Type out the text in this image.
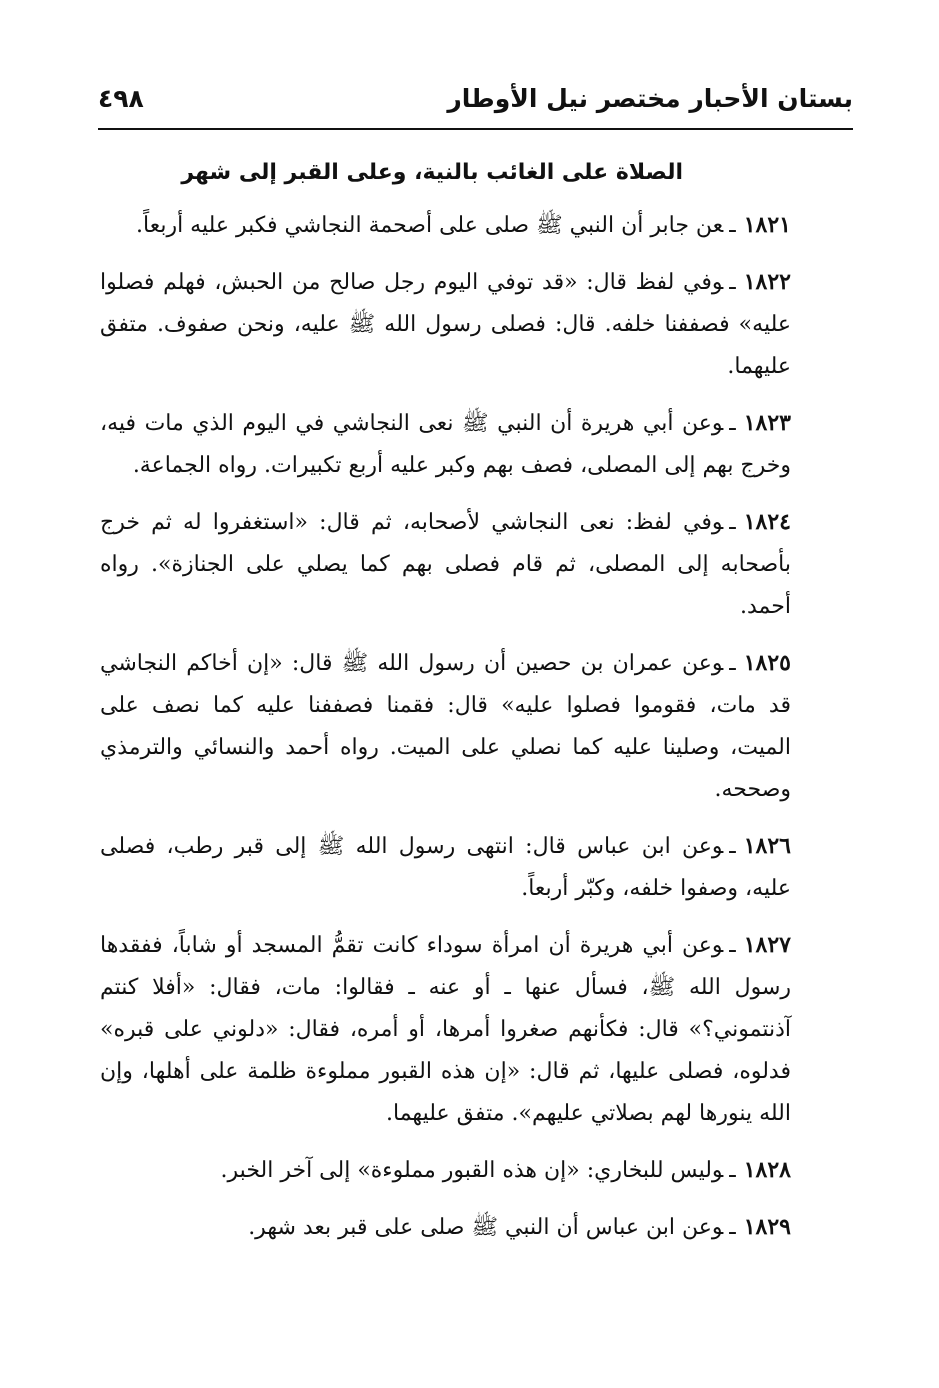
بستان الأحبار مختصر نيل الأوطار
٤٩٨
الصلاة على الغائب بالنية، وعلى القبر إلى شهر

١٨٢١ـعن جابر أن النبي ﷺ صلى على أصحمة النجاشي فكبر عليه أربعاً.

١٨٢٢ـوفي لفظ قال: «قد توفي اليوم رجل صالح من الحبش، فهلم فصلوا عليه» فصففنا خلفه. قال: فصلى رسول الله ﷺ عليه، ونحن صفوف. متفق عليهما.

١٨٢٣ـوعن أبي هريرة أن النبي ﷺ نعى النجاشي في اليوم الذي مات فيه، وخرج بهم إلى المصلى، فصف بهم وكبر عليه أربع تكبيرات. رواه الجماعة.

١٨٢٤ـوفي لفظ: نعى النجاشي لأصحابه، ثم قال: «استغفروا له ثم خرج بأصحابه إلى المصلى، ثم قام فصلى بهم كما يصلي على الجنازة». رواه أحمد.

١٨٢٥ـوعن عمران بن حصين أن رسول الله ﷺ قال: «إن أخاكم النجاشي قد مات، فقوموا فصلوا عليه» قال: فقمنا فصففنا عليه كما نصف على الميت، وصلينا عليه كما نصلي على الميت. رواه أحمد والنسائي والترمذي وصححه.

١٨٢٦ـوعن ابن عباس قال: انتهى رسول الله ﷺ إلى قبر رطب، فصلى عليه، وصفوا خلفه، وكبّر أربعاً.

١٨٢٧ـوعن أبي هريرة أن امرأة سوداء كانت تقمُّ المسجد أو شاباً، ففقدها رسول الله ﷺ، فسأل عنها ـ أو عنه ـ فقالوا: مات، فقال: «أفلا كنتم آذنتموني؟» قال: فكأنهم صغروا أمرها، أو أمره، فقال: «دلوني على قبره» فدلوه، فصلى عليها، ثم قال: «إن هذه القبور مملوءة ظلمة على أهلها، وإن الله ينورها لهم بصلاتي عليهم». متفق عليهما.

١٨٢٨ـوليس للبخاري: «إن هذه القبور مملوءة» إلى آخر الخبر.

١٨٢٩ـوعن ابن عباس أن النبي ﷺ صلى على قبر بعد شهر.
